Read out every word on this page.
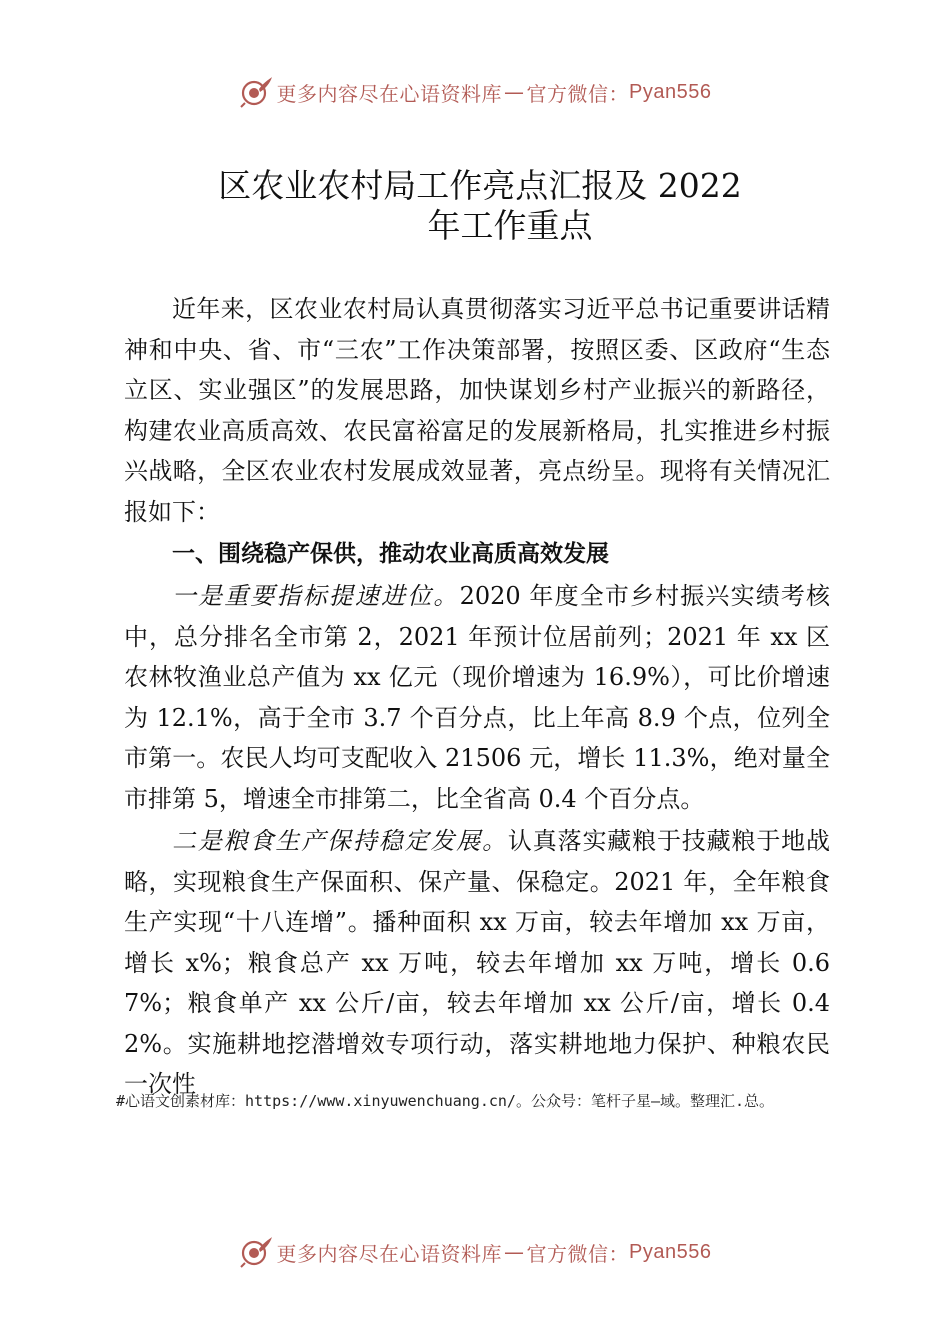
更多内容尽在心语资料库 — 官方微信： Pyan556
区农业农村局工作亮点汇报及 2022
年工作重点

近年来，区农业农村局认真贯彻落实习近平总书记重要讲话精神和中央、省、市“三农”工作决策部署，按照区委、区政府“生态立区、实业强区”的发展思路，加快谋划乡村产业振兴的新路径，构建农业高质高效、农民富裕富足的发展新格局，扎实推进乡村振兴战略，全区农业农村发展成效显著，亮点纷呈。现将有关情况汇报如下：

一、围绕稳产保供，推动农业高质高效发展

一是重要指标提速进位。2020 年度全市乡村振兴实绩考核中，总分排名全市第 2，2021 年预计位居前列；2021 年 xx 区农林牧渔业总产值为 xx 亿元（现价增速为 16.9%），可比价增速为 12.1%，高于全市 3.7 个百分点，比上年高 8.9 个点，位列全市第一。农民人均可支配收入 21506 元，增长 11.3%，绝对量全市排第 5，增速全市排第二，比全省高 0.4 个百分点。

二是粮食生产保持稳定发展。认真落实藏粮于技藏粮于地战略，实现粮食生产保面积、保产量、保稳定。2021 年，全年粮食生产实现“十八连增”。播种面积 xx 万亩，较去年增加 xx 万亩，增长 x%；粮食总产 xx 万吨，较去年增加 xx 万吨，增长 0.67%；粮食单产 xx 公斤/亩，较去年增加 xx 公斤/亩，增长 0.42%。实施耕地挖潜增效专项行动，落实耕地地力保护、种粮农民一次性

#心语文创素材库：https://www.xinyuwenchuang.cn/。公众号：笔杆子星—域。整理汇.总。
更多内容尽在心语资料库 — 官方微信： Pyan556
